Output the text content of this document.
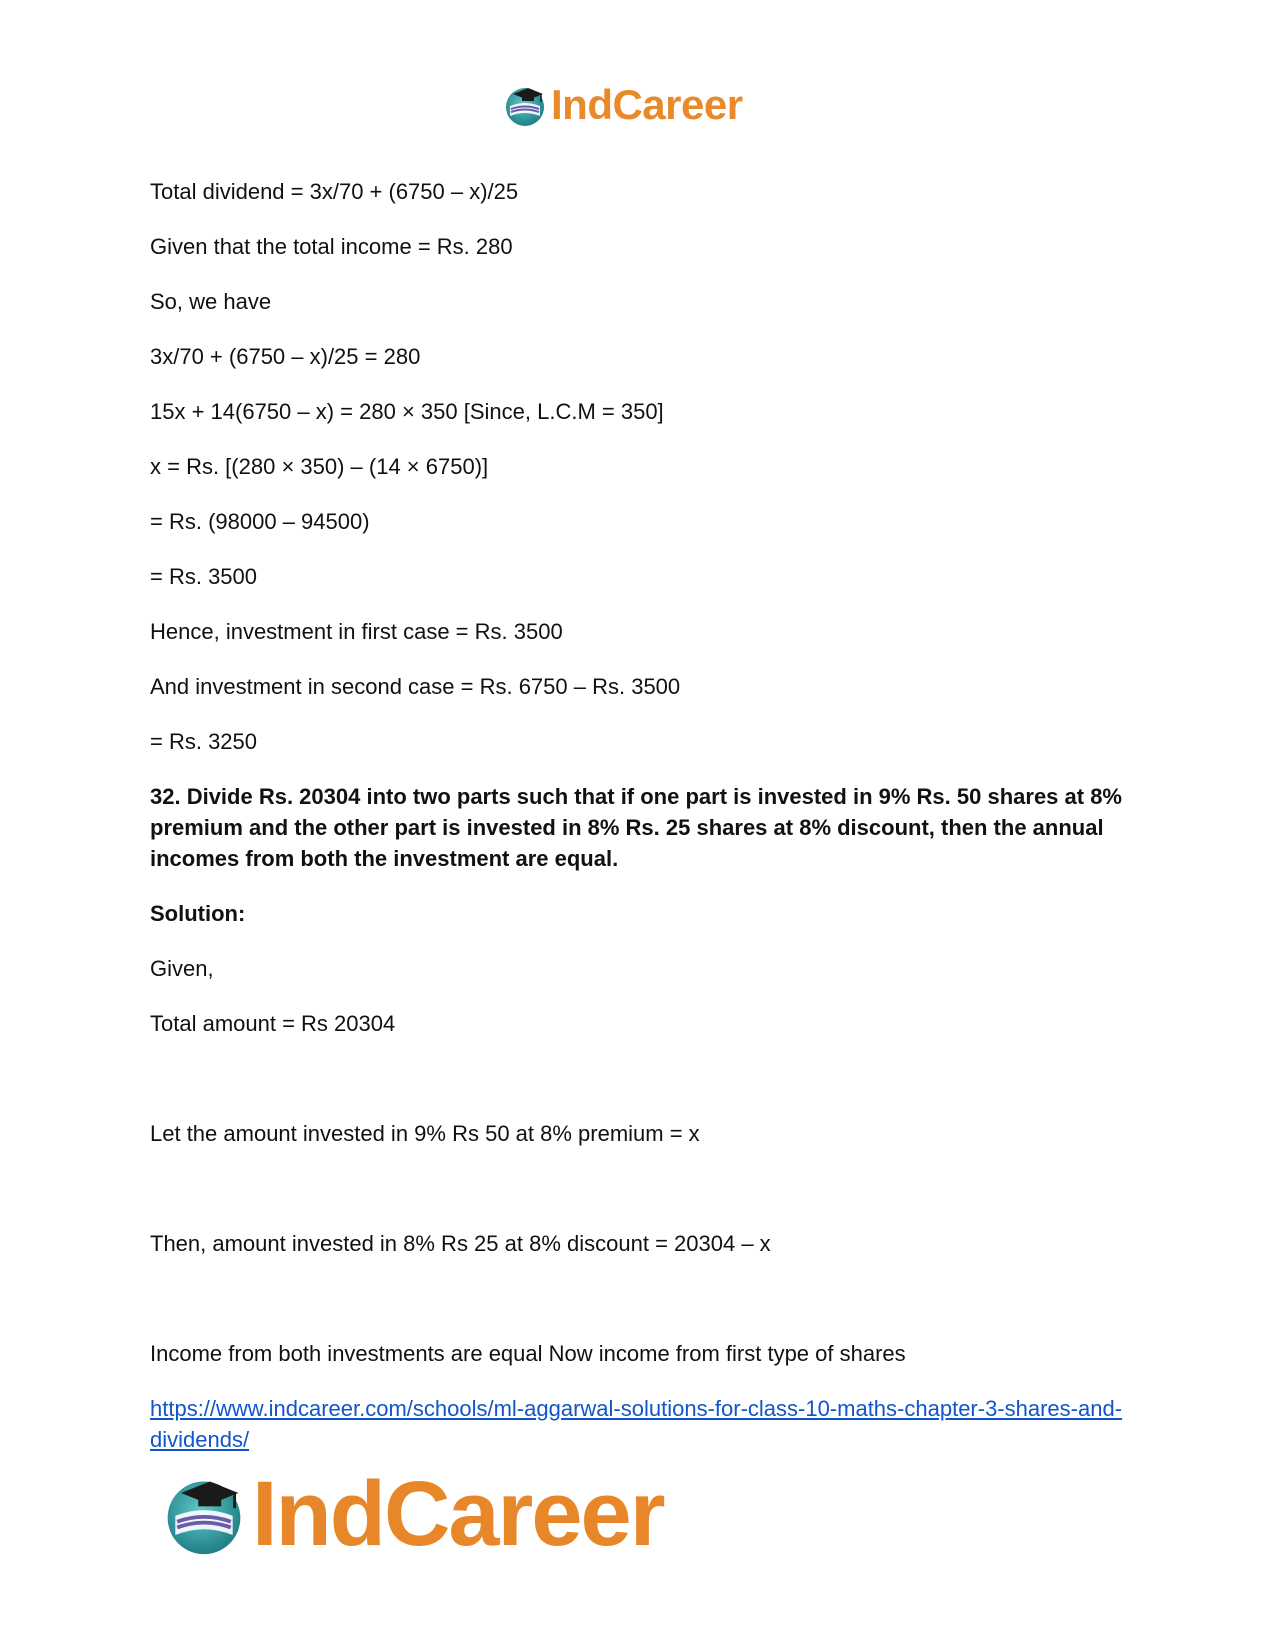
IndCareer
Total dividend = 3x/70 + (6750 – x)/25
Given that the total income = Rs. 280
So, we have
3x/70 + (6750 – x)/25 = 280
15x + 14(6750 – x) = 280 × 350 [Since, L.C.M = 350]
x = Rs. [(280 × 350) – (14 × 6750)]
= Rs. (98000 – 94500)
= Rs. 3500
Hence, investment in first case = Rs. 3500
And investment in second case = Rs. 6750 – Rs. 3500
= Rs. 3250
32. Divide Rs. 20304 into two parts such that if one part is invested in 9% Rs. 50 shares at 8% premium and the other part is invested in 8% Rs. 25 shares at 8% discount, then the annual incomes from both the investment are equal.
Solution:
Given,
Total amount = Rs 20304
Let the amount invested in 9% Rs 50 at 8% premium = x
Then, amount invested in 8% Rs 25 at 8% discount = 20304 – x
Income from both investments are equal Now income from first type of shares
https://www.indcareer.com/schools/ml-aggarwal-solutions-for-class-10-maths-chapter-3-shares-and-dividends/
IndCareer
